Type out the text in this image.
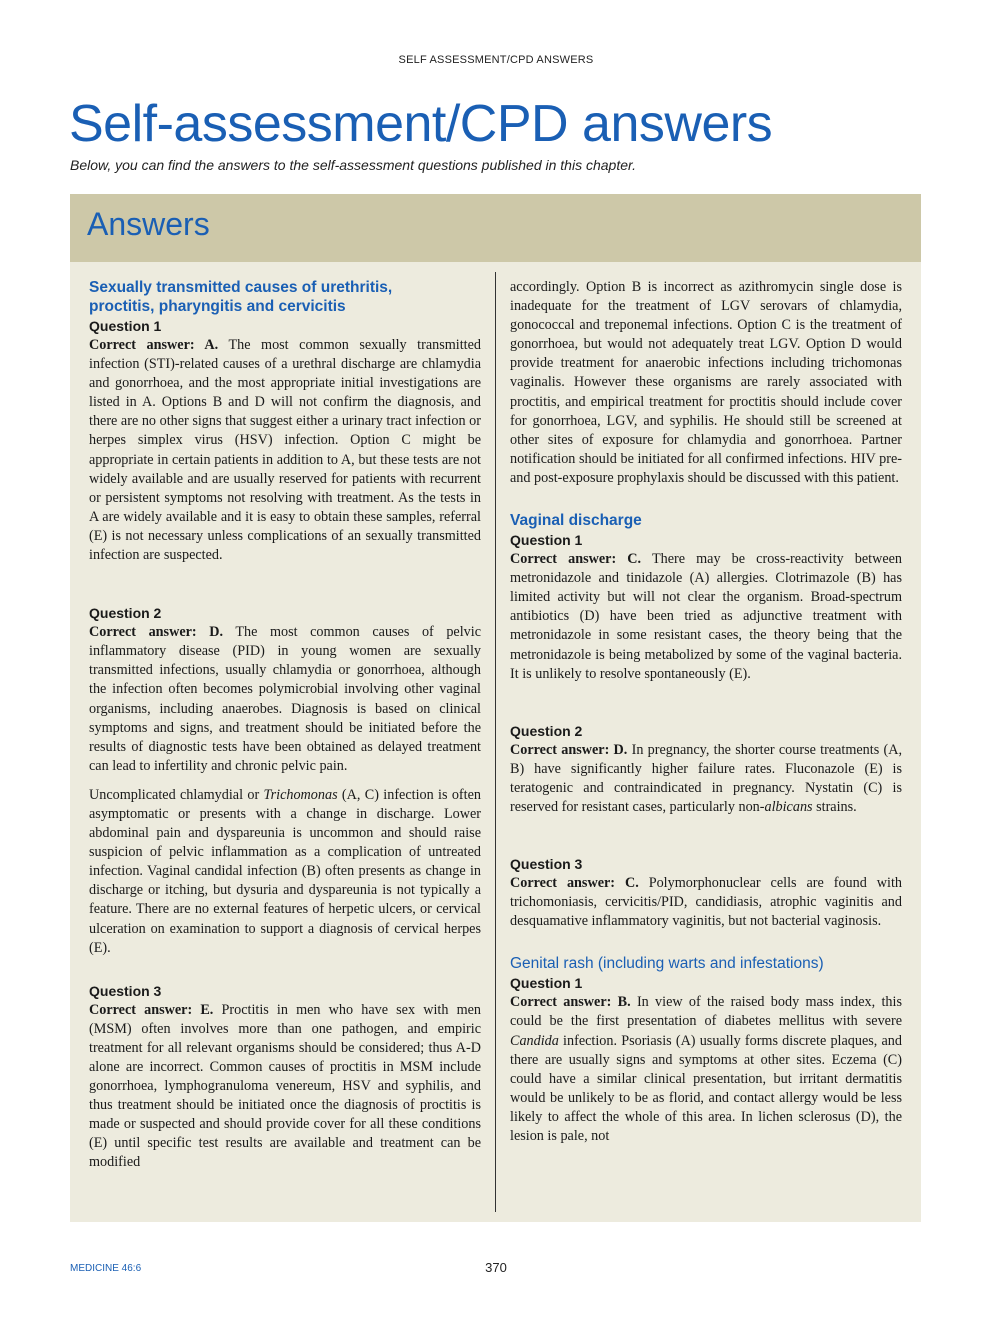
SELF ASSESSMENT/CPD ANSWERS
Self-assessment/CPD answers
Below, you can find the answers to the self-assessment questions published in this chapter.
Answers
Sexually transmitted causes of urethritis, proctitis, pharyngitis and cervicitis
Question 1

Correct answer: A. The most common sexually transmitted infection (STI)-related causes of a urethral discharge are chlamydia and gonorrhoea, and the most appropriate initial investigations are listed in A. Options B and D will not confirm the diagnosis, and there are no other signs that suggest either a urinary tract infection or herpes simplex virus (HSV) infection. Option C might be appropriate in certain patients in addition to A, but these tests are not widely available and are usually reserved for patients with recurrent or persistent symptoms not resolving with treatment. As the tests in A are widely available and it is easy to obtain these samples, referral (E) is not necessary unless complications of an sexually transmitted infection are suspected.

Question 2

Correct answer: D. The most common causes of pelvic inflammatory disease (PID) in young women are sexually transmitted infections, usually chlamydia or gonorrhoea, although the infection often becomes polymicrobial involving other vaginal organisms, including anaerobes. Diagnosis is based on clinical symptoms and signs, and treatment should be initiated before the results of diagnostic tests have been obtained as delayed treatment can lead to infertility and chronic pelvic pain.

Uncomplicated chlamydial or Trichomonas (A, C) infection is often asymptomatic or presents with a change in discharge. Lower abdominal pain and dyspareunia is uncommon and should raise suspicion of pelvic inflammation as a complication of untreated infection. Vaginal candidal infection (B) often presents as change in discharge or itching, but dysuria and dyspareunia is not typically a feature. There are no external features of herpetic ulcers, or cervical ulceration on examination to support a diagnosis of cervical herpes (E).

Question 3

Correct answer: E. Proctitis in men who have sex with men (MSM) often involves more than one pathogen, and empiric treatment for all relevant organisms should be considered; thus A-D alone are incorrect. Common causes of proctitis in MSM include gonorrhoea, lymphogranuloma venereum, HSV and syphilis, and thus treatment should be initiated once the diagnosis of proctitis is made or suspected and should provide cover for all these conditions (E) until specific test results are available and treatment can be modified

accordingly. Option B is incorrect as azithromycin single dose is inadequate for the treatment of LGV serovars of chlamydia, gonococcal and treponemal infections. Option C is the treatment of gonorrhoea, but would not adequately treat LGV. Option D would provide treatment for anaerobic infections including trichomonas vaginalis. However these organisms are rarely associated with proctitis, and empirical treatment for proctitis should include cover for gonorrhoea, LGV, and syphilis. He should still be screened at other sites of exposure for chlamydia and gonorrhoea. Partner notification should be initiated for all confirmed infections. HIV pre- and post-exposure prophylaxis should be discussed with this patient.

Vaginal discharge
Question 1

Correct answer: C. There may be cross-reactivity between metronidazole and tinidazole (A) allergies. Clotrimazole (B) has limited activity but will not clear the organism. Broad-spectrum antibiotics (D) have been tried as adjunctive treatment with metronidazole in some resistant cases, the theory being that the metronidazole is being metabolized by some of the vaginal bacteria. It is unlikely to resolve spontaneously (E).

Question 2

Correct answer: D. In pregnancy, the shorter course treatments (A, B) have significantly higher failure rates. Fluconazole (E) is teratogenic and contraindicated in pregnancy. Nystatin (C) is reserved for resistant cases, particularly non-albicans strains.

Question 3

Correct answer: C. Polymorphonuclear cells are found with trichomoniasis, cervicitis/PID, candidiasis, atrophic vaginitis and desquamative inflammatory vaginitis, but not bacterial vaginosis.

Genital rash (including warts and infestations)
Question 1

Correct answer: B. In view of the raised body mass index, this could be the first presentation of diabetes mellitus with severe Candida infection. Psoriasis (A) usually forms discrete plaques, and there are usually signs and symptoms at other sites. Eczema (C) could have a similar clinical presentation, but irritant dermatitis would be unlikely to be as florid, and contact allergy would be less likely to affect the whole of this area. In lichen sclerosus (D), the lesion is pale, not

MEDICINE 46:6	370
